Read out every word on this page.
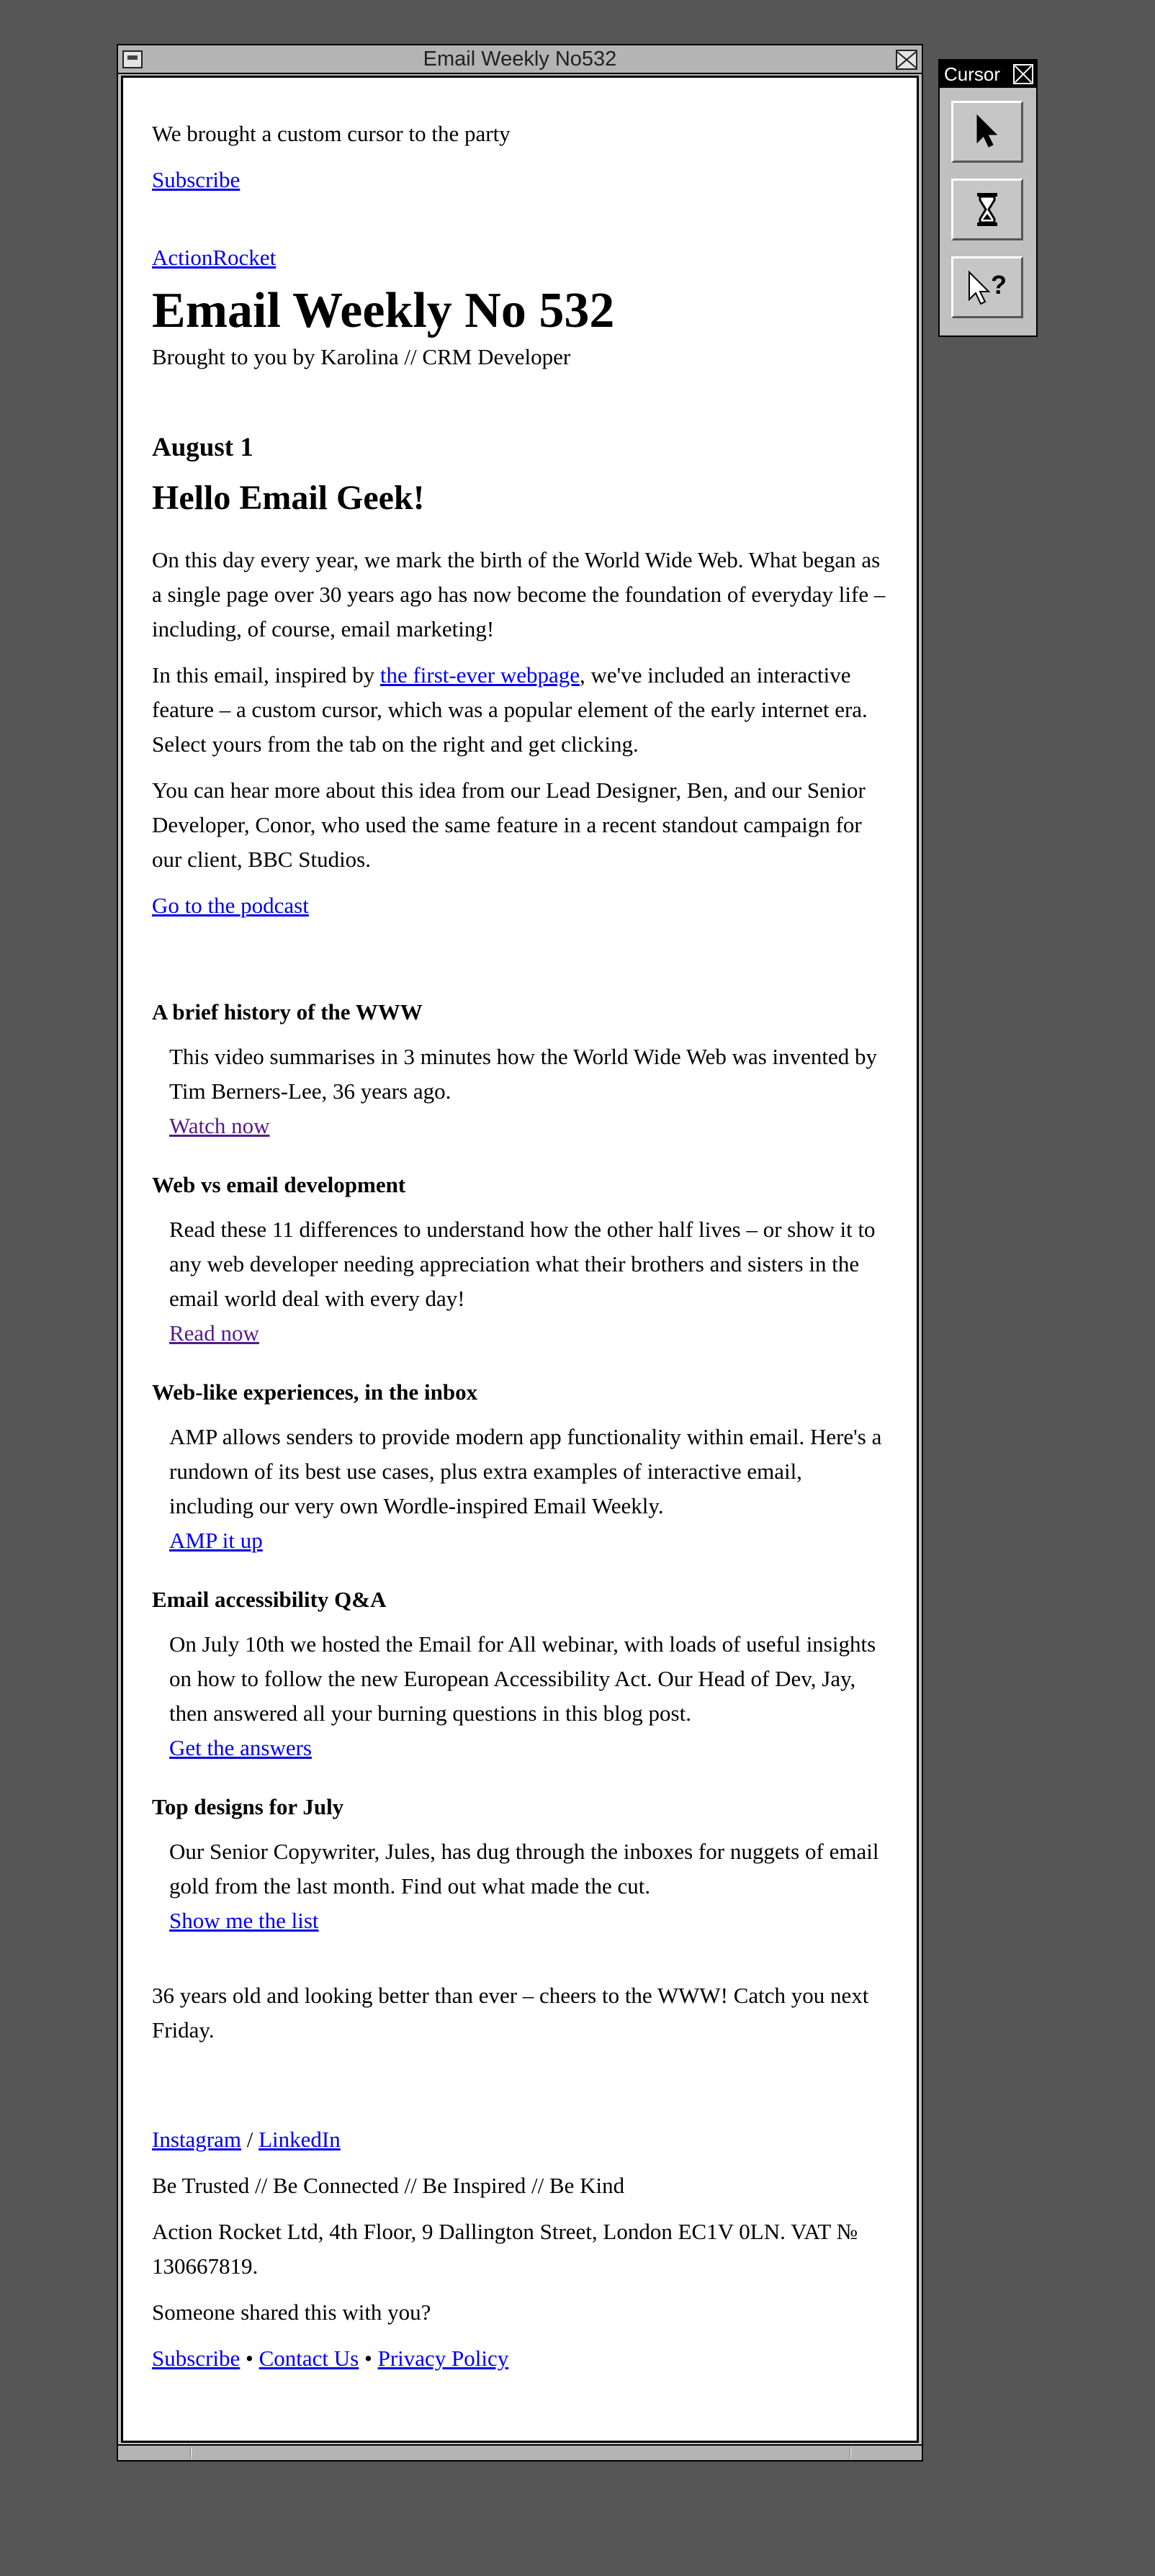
Email Weekly No532

We brought a custom cursor to the party

Subscribe

ActionRocket

Email Weekly No 532

Brought to you by Karolina // CRM Developer

August 1
Hello Email Geek!

On this day every year, we mark the birth of the World Wide Web. What began as a single page over 30 years ago has now become the foundation of everyday life – including, of course, email marketing!

In this email, inspired by the first-ever webpage, we've included an interactive feature – a custom cursor, which was a popular element of the early internet era. Select yours from the tab on the right and get clicking.

You can hear more about this idea from our Lead Designer, Ben, and our Senior Developer, Conor, who used the same feature in a recent standout campaign for our client, BBC Studios.

Go to the podcast

A brief history of the WWW

This video summarises in 3 minutes how the World Wide Web was invented by Tim Berners-Lee, 36 years ago.

Watch now

Web vs email development

Read these 11 differences to understand how the other half lives – or show it to any web developer needing appreciation what their brothers and sisters in the email world deal with every day!

Read now

Web-like experiences, in the inbox

AMP allows senders to provide modern app functionality within email. Here's a rundown of its best use cases, plus extra examples of interactive email, including our very own Wordle-inspired Email Weekly.

AMP it up

Email accessibility Q&A

On July 10th we hosted the Email for All webinar, with loads of useful insights on how to follow the new European Accessibility Act. Our Head of Dev, Jay, then answered all your burning questions in this blog post.

Get the answers

Top designs for July

Our Senior Copywriter, Jules, has dug through the inboxes for nuggets of email gold from the last month. Find out what made the cut.

Show me the list

36 years old and looking better than ever – cheers to the WWW! Catch you next Friday.

Instagram / LinkedIn

Be Trusted // Be Connected // Be Inspired // Be Kind

Action Rocket Ltd, 4th Floor, 9 Dallington Street, London EC1V 0LN. VAT № 130667819.

Someone shared this with you?

Subscribe • Contact Us • Privacy Policy

Cursor
?
